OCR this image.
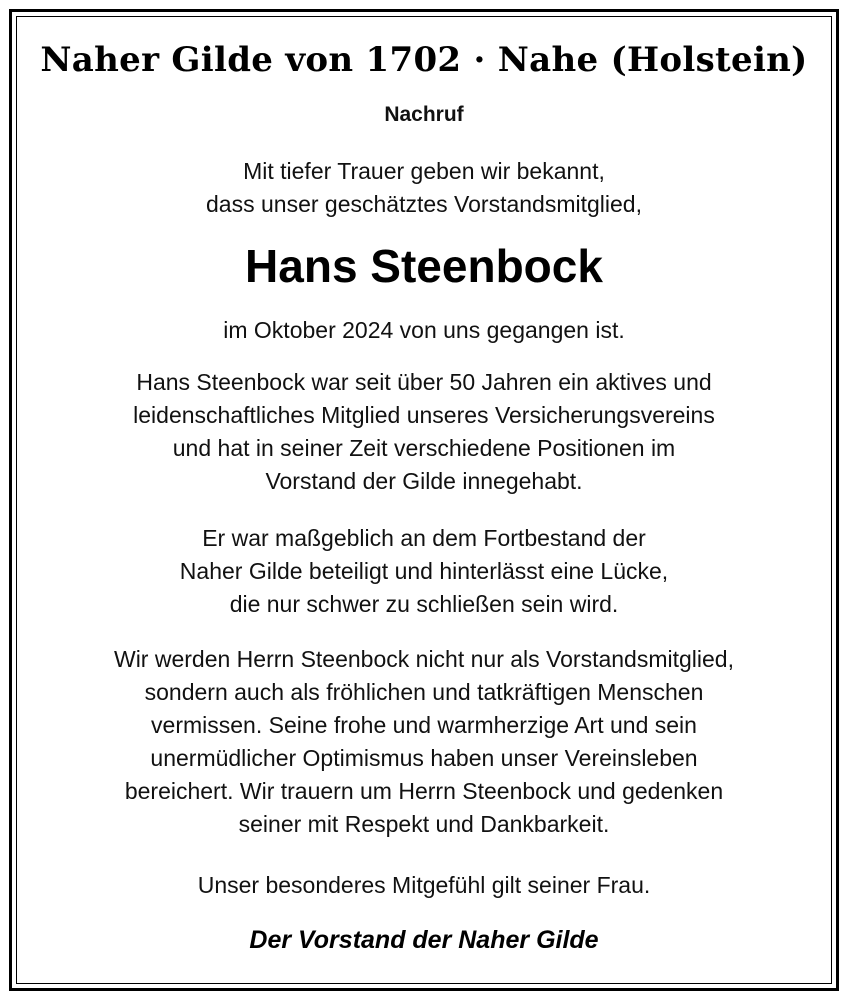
Naher Gilde von 1702 · Nahe (Holstein)
Nachruf
Mit tiefer Trauer geben wir bekannt,
dass unser geschätztes Vorstandsmitglied,
Hans Steenbock
im Oktober 2024 von uns gegangen ist.
Hans Steenbock war seit über 50 Jahren ein aktives und
leidenschaftliches Mitglied unseres Versicherungsvereins
und hat in seiner Zeit verschiedene Positionen im
Vorstand der Gilde innegehabt.
Er war maßgeblich an dem Fortbestand der
Naher Gilde beteiligt und hinterlässt eine Lücke,
die nur schwer zu schließen sein wird.
Wir werden Herrn Steenbock nicht nur als Vorstandsmitglied,
sondern auch als fröhlichen und tatkräftigen Menschen
vermissen. Seine frohe und warmherzige Art und sein
unermüdlicher Optimismus haben unser Vereinsleben
bereichert. Wir trauern um Herrn Steenbock und gedenken
seiner mit Respekt und Dankbarkeit.
Unser besonderes Mitgefühl gilt seiner Frau.
Der Vorstand der Naher Gilde
